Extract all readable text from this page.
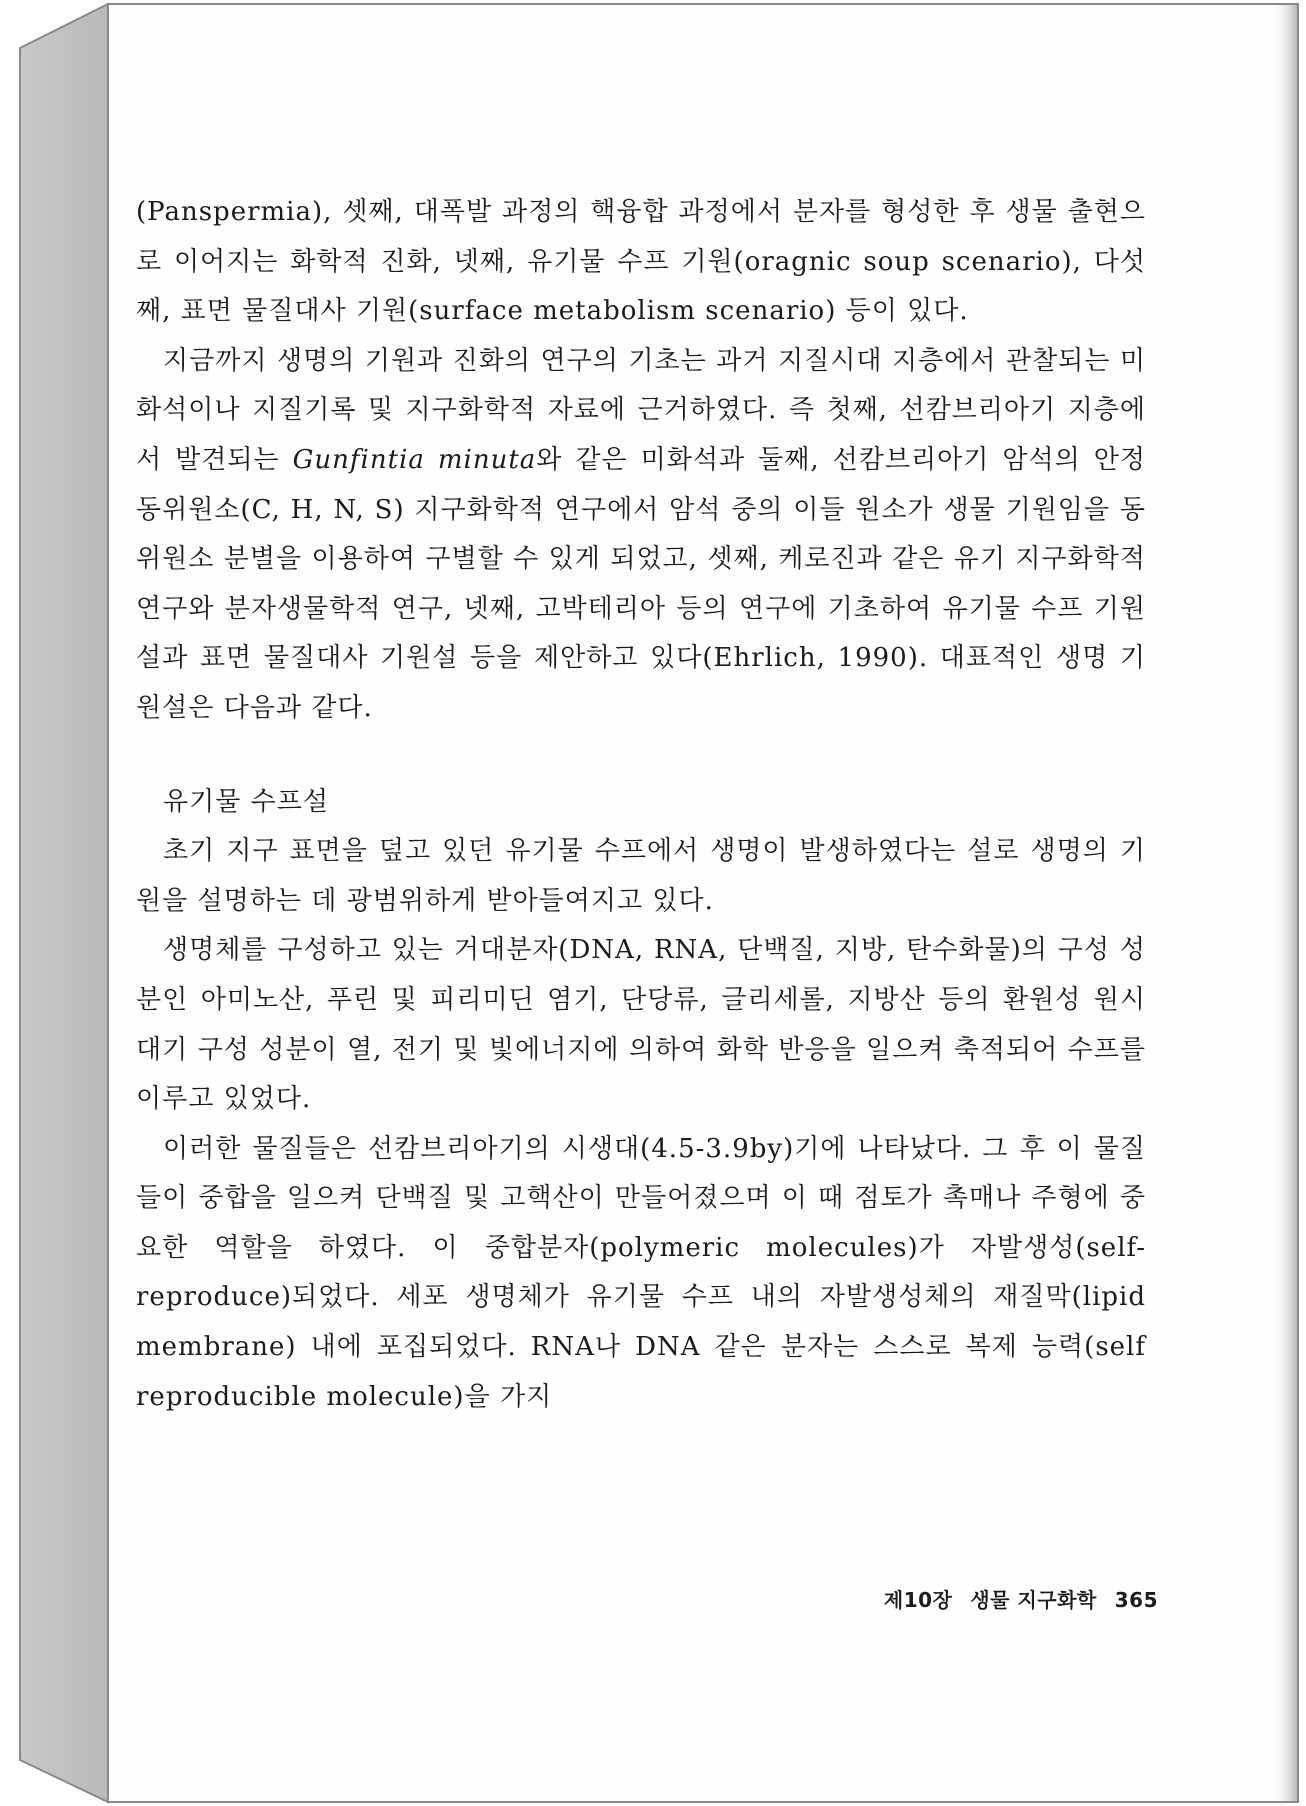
(Panspermia), 셋째, 대폭발 과정의 핵융합 과정에서 분자를 형성한 후 생물 출현으로 이어지는 화학적 진화, 넷째, 유기물 수프 기원(oragnic soup scenario), 다섯째, 표면 물질대사 기원(surface metabolism scenario) 등이 있다.

지금까지 생명의 기원과 진화의 연구의 기초는 과거 지질시대 지층에서 관찰되는 미화석이나 지질기록 및 지구화학적 자료에 근거하였다. 즉 첫째, 선캄브리아기 지층에서 발견되는 Gunfintia minuta와 같은 미화석과 둘째, 선캄브리아기 암석의 안정 동위원소(C, H, N, S) 지구화학적 연구에서 암석 중의 이들 원소가 생물 기원임을 동위원소 분별을 이용하여 구별할 수 있게 되었고, 셋째, 케로진과 같은 유기 지구화학적 연구와 분자생물학적 연구, 넷째, 고박테리아 등의 연구에 기초하여 유기물 수프 기원설과 표면 물질대사 기원설 등을 제안하고 있다(Ehrlich, 1990). 대표적인 생명 기원설은 다음과 같다.

유기물 수프설

초기 지구 표면을 덮고 있던 유기물 수프에서 생명이 발생하였다는 설로 생명의 기원을 설명하는 데 광범위하게 받아들여지고 있다.

생명체를 구성하고 있는 거대분자(DNA, RNA, 단백질, 지방, 탄수화물)의 구성 성분인 아미노산, 푸린 및 피리미딘 염기, 단당류, 글리세롤, 지방산 등의 환원성 원시 대기 구성 성분이 열, 전기 및 빛에너지에 의하여 화학 반응을 일으켜 축적되어 수프를 이루고 있었다.

이러한 물질들은 선캄브리아기의 시생대(4.5-3.9by)기에 나타났다. 그 후 이 물질들이 중합을 일으켜 단백질 및 고핵산이 만들어졌으며 이 때 점토가 촉매나 주형에 중요한 역할을 하였다. 이 중합분자(polymeric molecules)가 자발생성(self-reproduce)되었다. 세포 생명체가 유기물 수프 내의 자발생성체의 재질막(lipid membrane) 내에 포집되었다. RNA나 DNA 같은 분자는 스스로 복제 능력(self reproducible molecule)을 가지

제10장 생물 지구화학 365
